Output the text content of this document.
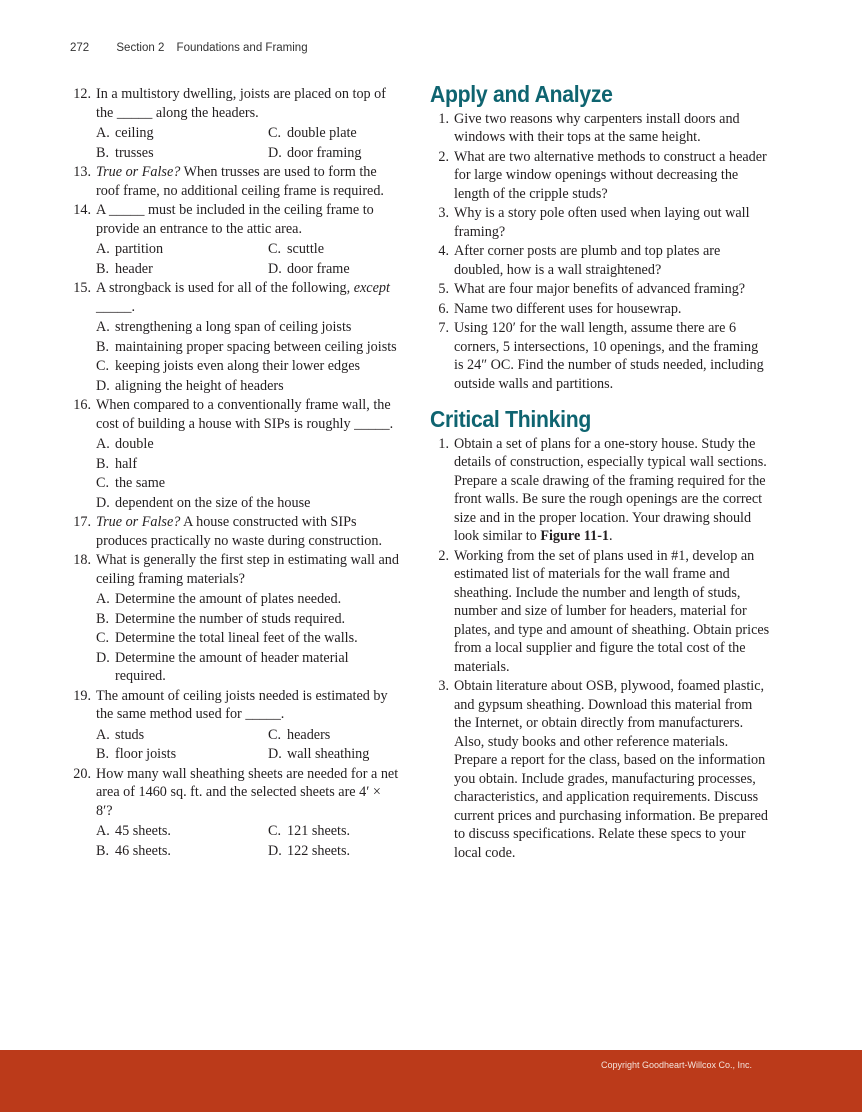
272 Section 2 Foundations and Framing
12. In a multistory dwelling, joists are placed on top of the _____ along the headers.
A. ceiling	C. double plate
B. trusses	D. door framing
13. True or False? When trusses are used to form the roof frame, no additional ceiling frame is required.
14. A _____ must be included in the ceiling frame to provide an entrance to the attic area.
A. partition	C. scuttle
B. header	D. door frame
15. A strongback is used for all of the following, except _____.
A. strengthening a long span of ceiling joists
B. maintaining proper spacing between ceiling joists
C. keeping joists even along their lower edges
D. aligning the height of headers
16. When compared to a conventionally frame wall, the cost of building a house with SIPs is roughly _____.
A. double
B. half
C. the same
D. dependent on the size of the house
17. True or False? A house constructed with SIPs produces practically no waste during construction.
18. What is generally the first step in estimating wall and ceiling framing materials?
A. Determine the amount of plates needed.
B. Determine the number of studs required.
C. Determine the total lineal feet of the walls.
D. Determine the amount of header material required.
19. The amount of ceiling joists needed is estimated by the same method used for _____.
A. studs	C. headers
B. floor joists	D. wall sheathing
20. How many wall sheathing sheets are needed for a net area of 1460 sq. ft. and the selected sheets are 4′ × 8′?
A. 45 sheets.	C. 121 sheets.
B. 46 sheets.	D. 122 sheets.
Apply and Analyze
1. Give two reasons why carpenters install doors and windows with their tops at the same height.
2. What are two alternative methods to construct a header for large window openings without decreasing the length of the cripple studs?
3. Why is a story pole often used when laying out wall framing?
4. After corner posts are plumb and top plates are doubled, how is a wall straightened?
5. What are four major benefits of advanced framing?
6. Name two different uses for housewrap.
7. Using 120′ for the wall length, assume there are 6 corners, 5 intersections, 10 openings, and the framing is 24″ OC. Find the number of studs needed, including outside walls and partitions.
Critical Thinking
1. Obtain a set of plans for a one-story house. Study the details of construction, especially typical wall sections. Prepare a scale drawing of the framing required for the front walls. Be sure the rough openings are the correct size and in the proper location. Your drawing should look similar to Figure 11-1.
2. Working from the set of plans used in #1, develop an estimated list of materials for the wall frame and sheathing. Include the number and length of studs, number and size of lumber for headers, material for plates, and type and amount of sheathing. Obtain prices from a local supplier and figure the total cost of the materials.
3. Obtain literature about OSB, plywood, foamed plastic, and gypsum sheathing. Download this material from the Internet, or obtain directly from manufacturers. Also, study books and other reference materials. Prepare a report for the class, based on the information you obtain. Include grades, manufacturing processes, characteristics, and application requirements. Discuss current prices and purchasing information. Be prepared to discuss specifications. Relate these specs to your local code.
Copyright Goodheart-Willcox Co., Inc.
